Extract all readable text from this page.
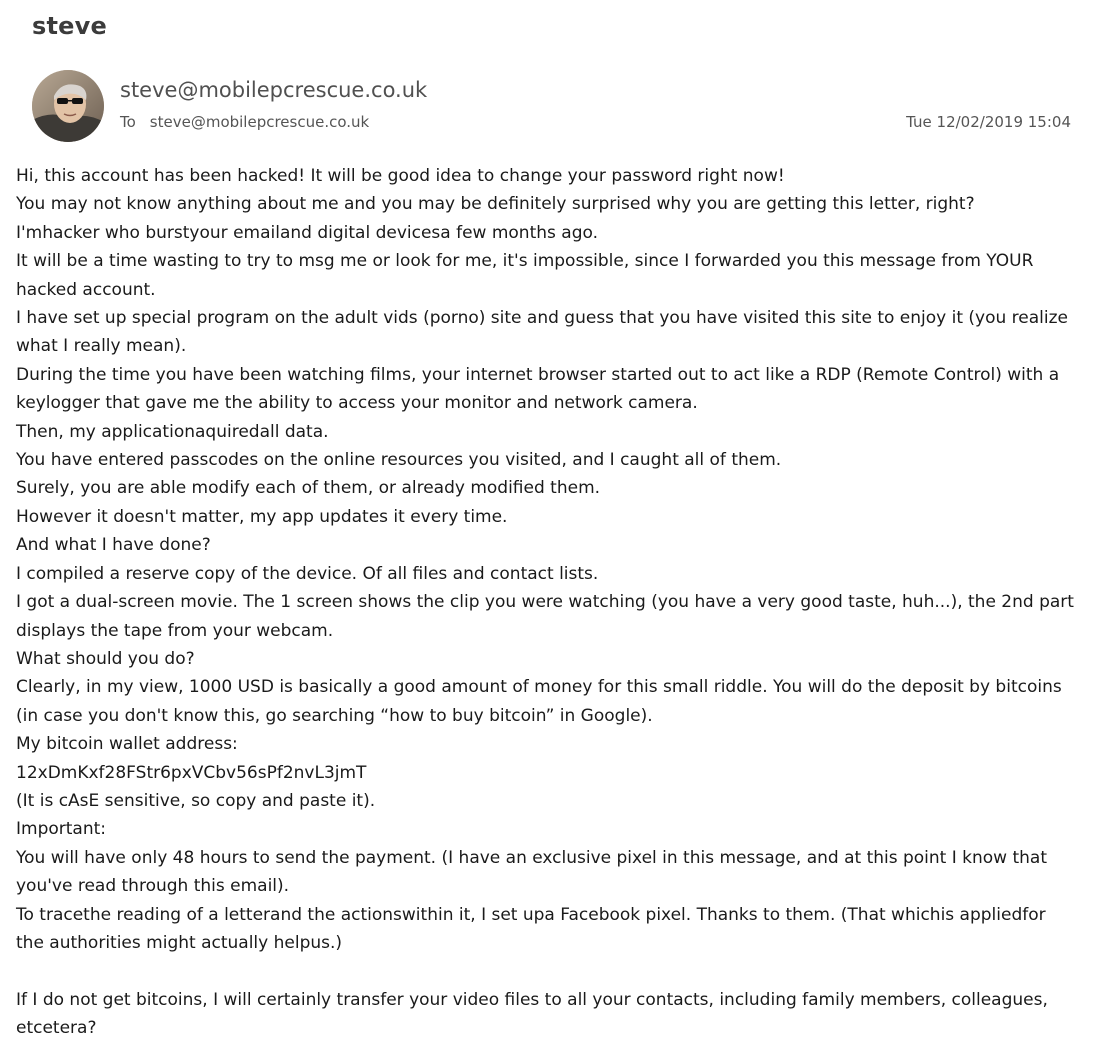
steve
steve@mobilepcrescue.co.uk
To steve@mobilepcrescue.co.uk	Tue 12/02/2019 15:04

Hi, this account has been hacked! It will be good idea to change your password right now!

You may not know anything about me and you may be definitely surprised why you are getting this letter, right?

I'mhacker who burstyour emailand digital devicesa few months ago.

It will be a time wasting to try to msg me or look for me, it's impossible, since I forwarded you this message from YOUR hacked account.

I have set up special program on the adult vids (porno) site and guess that you have visited this site to enjoy it (you realize what I really mean).

During the time you have been watching films, your internet browser started out to act like a RDP (Remote Control) with a keylogger that gave me the ability to access your monitor and network camera.

Then, my applicationaquiredall data.

You have entered passcodes on the online resources you visited, and I caught all of them.

Surely, you are able modify each of them, or already modified them.

However it doesn't matter, my app updates it every time.

And what I have done?

I compiled a reserve copy of the device. Of all files and contact lists.

I got a dual-screen movie. The 1 screen shows the clip you were watching (you have a very good taste, huh...), the 2nd part displays the tape from your webcam.

What should you do?

Clearly, in my view, 1000 USD is basically a good amount of money for this small riddle. You will do the deposit by bitcoins (in case you don't know this, go searching “how to buy bitcoin” in Google).

My bitcoin wallet address:

12xDmKxf28FStr6pxVCbv56sPf2nvL3jmT

(It is cAsE sensitive, so copy and paste it).

Important:

You will have only 48 hours to send the payment. (I have an exclusive pixel in this message, and at this point I know that you've read through this email).

To tracethe reading of a letterand the actionswithin it, I set upa Facebook pixel. Thanks to them. (That whichis appliedfor the authorities might actually helpus.)

If I do not get bitcoins, I will certainly transfer your video files to all your contacts, including family members, colleagues, etcetera?
